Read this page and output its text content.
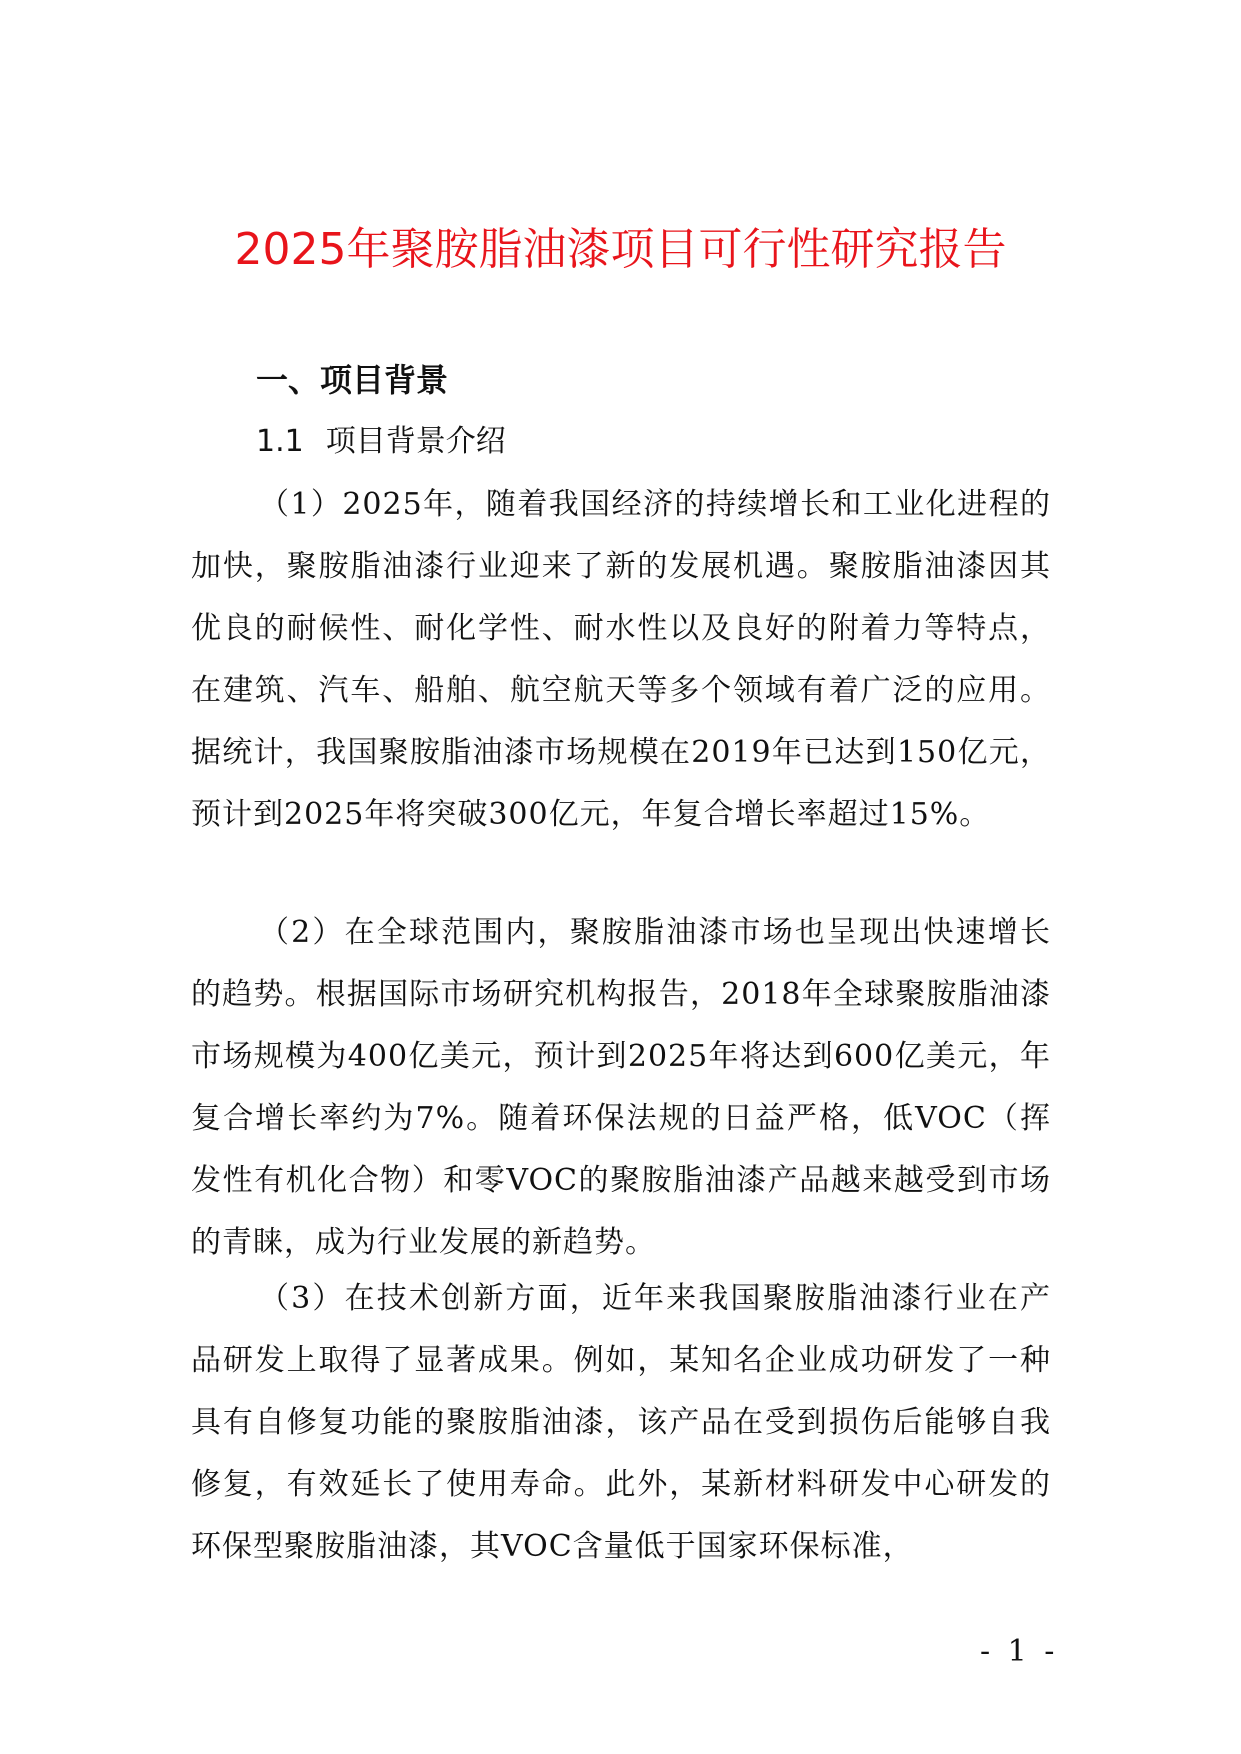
2025年聚胺脂油漆项目可行性研究报告
一、项目背景
1.1 项目背景介绍

（1）2025年，随着我国经济的持续增长和工业化进程的加快，聚胺脂油漆行业迎来了新的发展机遇。聚胺脂油漆因其优良的耐候性、耐化学性、耐水性以及良好的附着力等特点，在建筑、汽车、船舶、航空航天等多个领域有着广泛的应用。据统计，我国聚胺脂油漆市场规模在2019年已达到150亿元，预计到2025年将突破300亿元，年复合增长率超过15%。

（2）在全球范围内，聚胺脂油漆市场也呈现出快速增长的趋势。根据国际市场研究机构报告，2018年全球聚胺脂油漆市场规模为400亿美元，预计到2025年将达到600亿美元，年复合增长率约为7%。随着环保法规的日益严格，低VOC（挥发性有机化合物）和零VOC的聚胺脂油漆产品越来越受到市场的青睐，成为行业发展的新趋势。

（3）在技术创新方面，近年来我国聚胺脂油漆行业在产品研发上取得了显著成果。例如，某知名企业成功研发了一种具有自修复功能的聚胺脂油漆，该产品在受到损伤后能够自我修复，有效延长了使用寿命。此外，某新材料研发中心研发的环保型聚胺脂油漆，其VOC含量低于国家环保标准，

- 1 -
